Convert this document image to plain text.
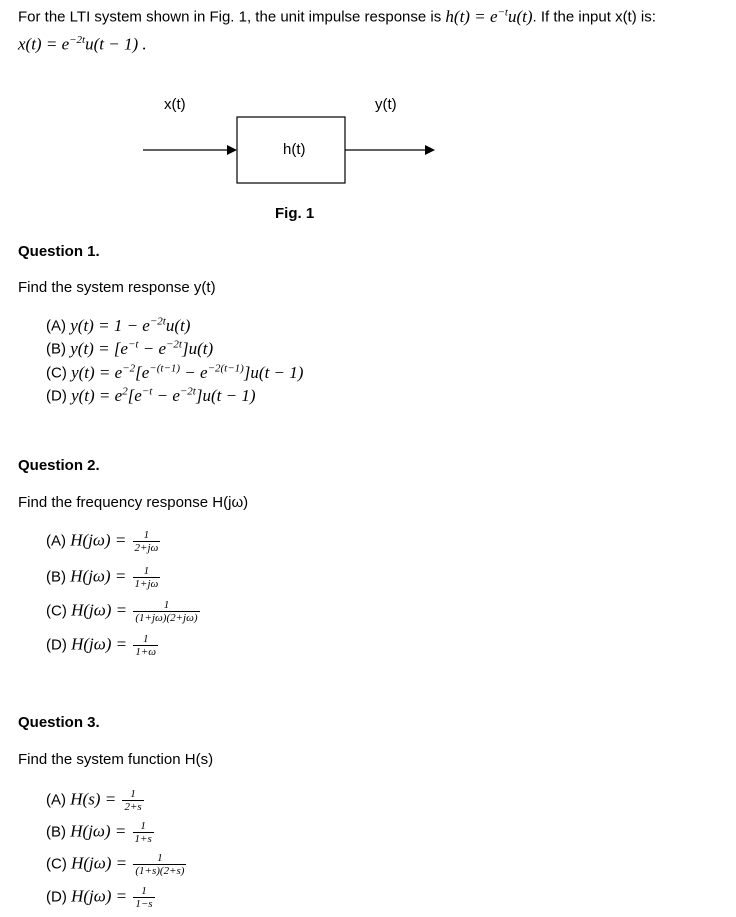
For the LTI system shown in Fig. 1, the unit impulse response is $h(t) = e^{-t}u(t)$. If the input x(t) is:
$x(t) = e^{-2t}u(t - 1)$ .
x(t)	y(t)
h(t)
Fig. 1
Question 1.
Find the system response y(t)
(A) $y(t) = 1 - e^{-2t}u(t)$
(B) $y(t) = [e^{-t} - e^{-2t}]u(t)$
(C) $y(t) = e^{-2}[e^{-(t-1)} - e^{-2(t-1)}]u(t - 1)$
(D) $y(t) = e^2[e^{-t} - e^{-2t}]u(t - 1)$
Question 2.
Find the frequency response H(jω)
(A) $H(j\omega) = \frac{1}{2+j\omega}$
(B) $H(j\omega) = \frac{1}{1+j\omega}$
(C) $H(j\omega) = \frac{1}{(1+j\omega)(2+j\omega)}$
(D) $H(j\omega) = \frac{1}{1+\omega}$
Question 3.
Find the system function H(s)
(A) $H(s) = \frac{1}{2+s}$
(B) $H(j\omega) = \frac{1}{1+s}$
(C) $H(j\omega) = \frac{1}{(1+s)(2+s)}$
(D) $H(j\omega) = \frac{1}{1-s}$
